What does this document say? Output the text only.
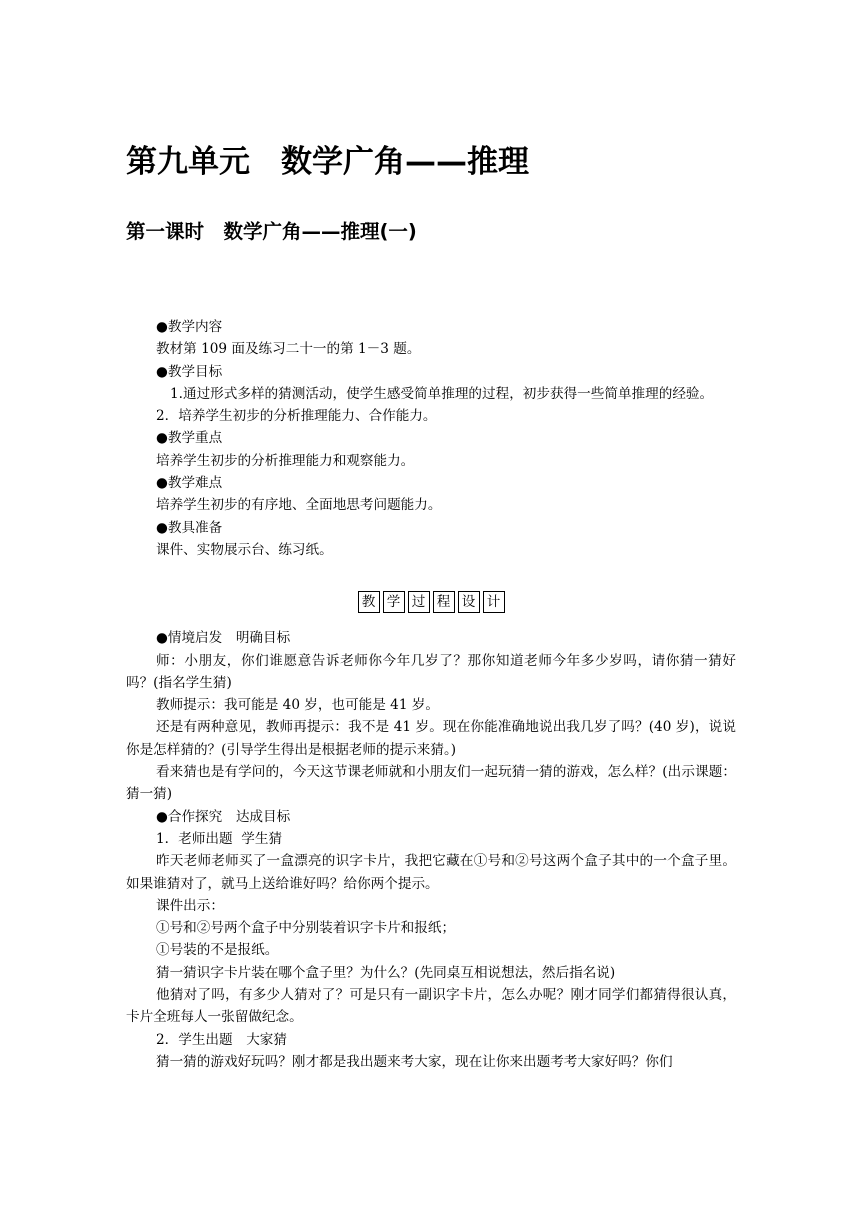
第九单元　数学广角——推理
第一课时　数学广角——推理(一)

●教学内容

教材第 109 面及练习二十一的第 1－3 题。

●教学目标

1.通过形式多样的猜测活动，使学生感受简单推理的过程，初步获得一些简单推理的经验。

2．培养学生初步的分析推理能力、合作能力。

●教学重点

培养学生初步的分析推理能力和观察能力。

●教学难点

培养学生初步的有序地、全面地思考问题能力。

●教具准备

课件、实物展示台、练习纸。

教 学 过 程 设 计

●情境启发　明确目标

师：小朋友，你们谁愿意告诉老师你今年几岁了？那你知道老师今年多少岁吗，请你猜一猜好吗？(指名学生猜)

教师提示：我可能是 40 岁，也可能是 41 岁。

还是有两种意见，教师再提示：我不是 41 岁。现在你能准确地说出我几岁了吗？(40 岁)，说说你是怎样猜的？(引导学生得出是根据老师的提示来猜。)

看来猜也是有学问的，今天这节课老师就和小朋友们一起玩猜一猜的游戏，怎么样？(出示课题：猜一猜)

●合作探究　达成目标

1．老师出题  学生猜

昨天老师老师买了一盒漂亮的识字卡片，我把它藏在①号和②号这两个盒子其中的一个盒子里。如果谁猜对了，就马上送给谁好吗？给你两个提示。

课件出示：

①号和②号两个盒子中分别装着识字卡片和报纸；

①号装的不是报纸。

猜一猜识字卡片装在哪个盒子里？为什么？(先同桌互相说想法，然后指名说)

他猜对了吗，有多少人猜对了？可是只有一副识字卡片，怎么办呢？刚才同学们都猜得很认真，卡片全班每人一张留做纪念。

2．学生出题　大家猜

猜一猜的游戏好玩吗？刚才都是我出题来考大家，现在让你来出题考考大家好吗？你们
